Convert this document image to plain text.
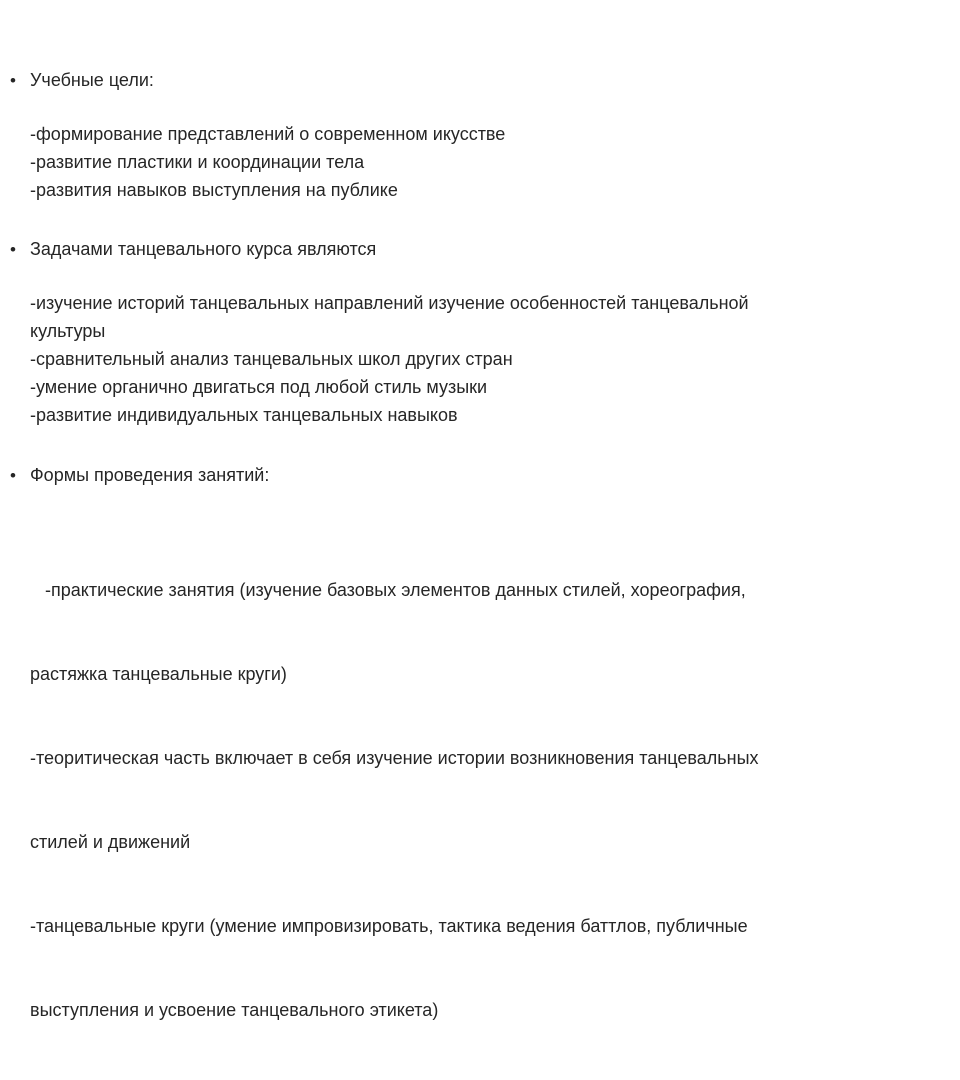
• Учебные цели:
-формирование представлений о современном икусстве
-развитие пластики и координации тела
-развития навыков выступления на публике
• Задачами танцевального курса являются
-изучение историй танцевальных направлений изучение особенностей танцевальной
культуры
-сравнительный анализ танцевальных школ других стран
-умение органично двигаться под любой стиль музыки
-развитие индивидуальных танцевальных навыков
• Формы проведения занятий:

-практические занятия (изучение базовых элементов данных стилей, хореография,

растяжка танцевальные круги)

-теоритическая часть включает в себя изучение истории возникновения танцевальных

стилей и движений

-танцевальные круги (умение импровизировать, тактика ведения баттлов, публичные

выступления и усвоение танцевального этикета)
